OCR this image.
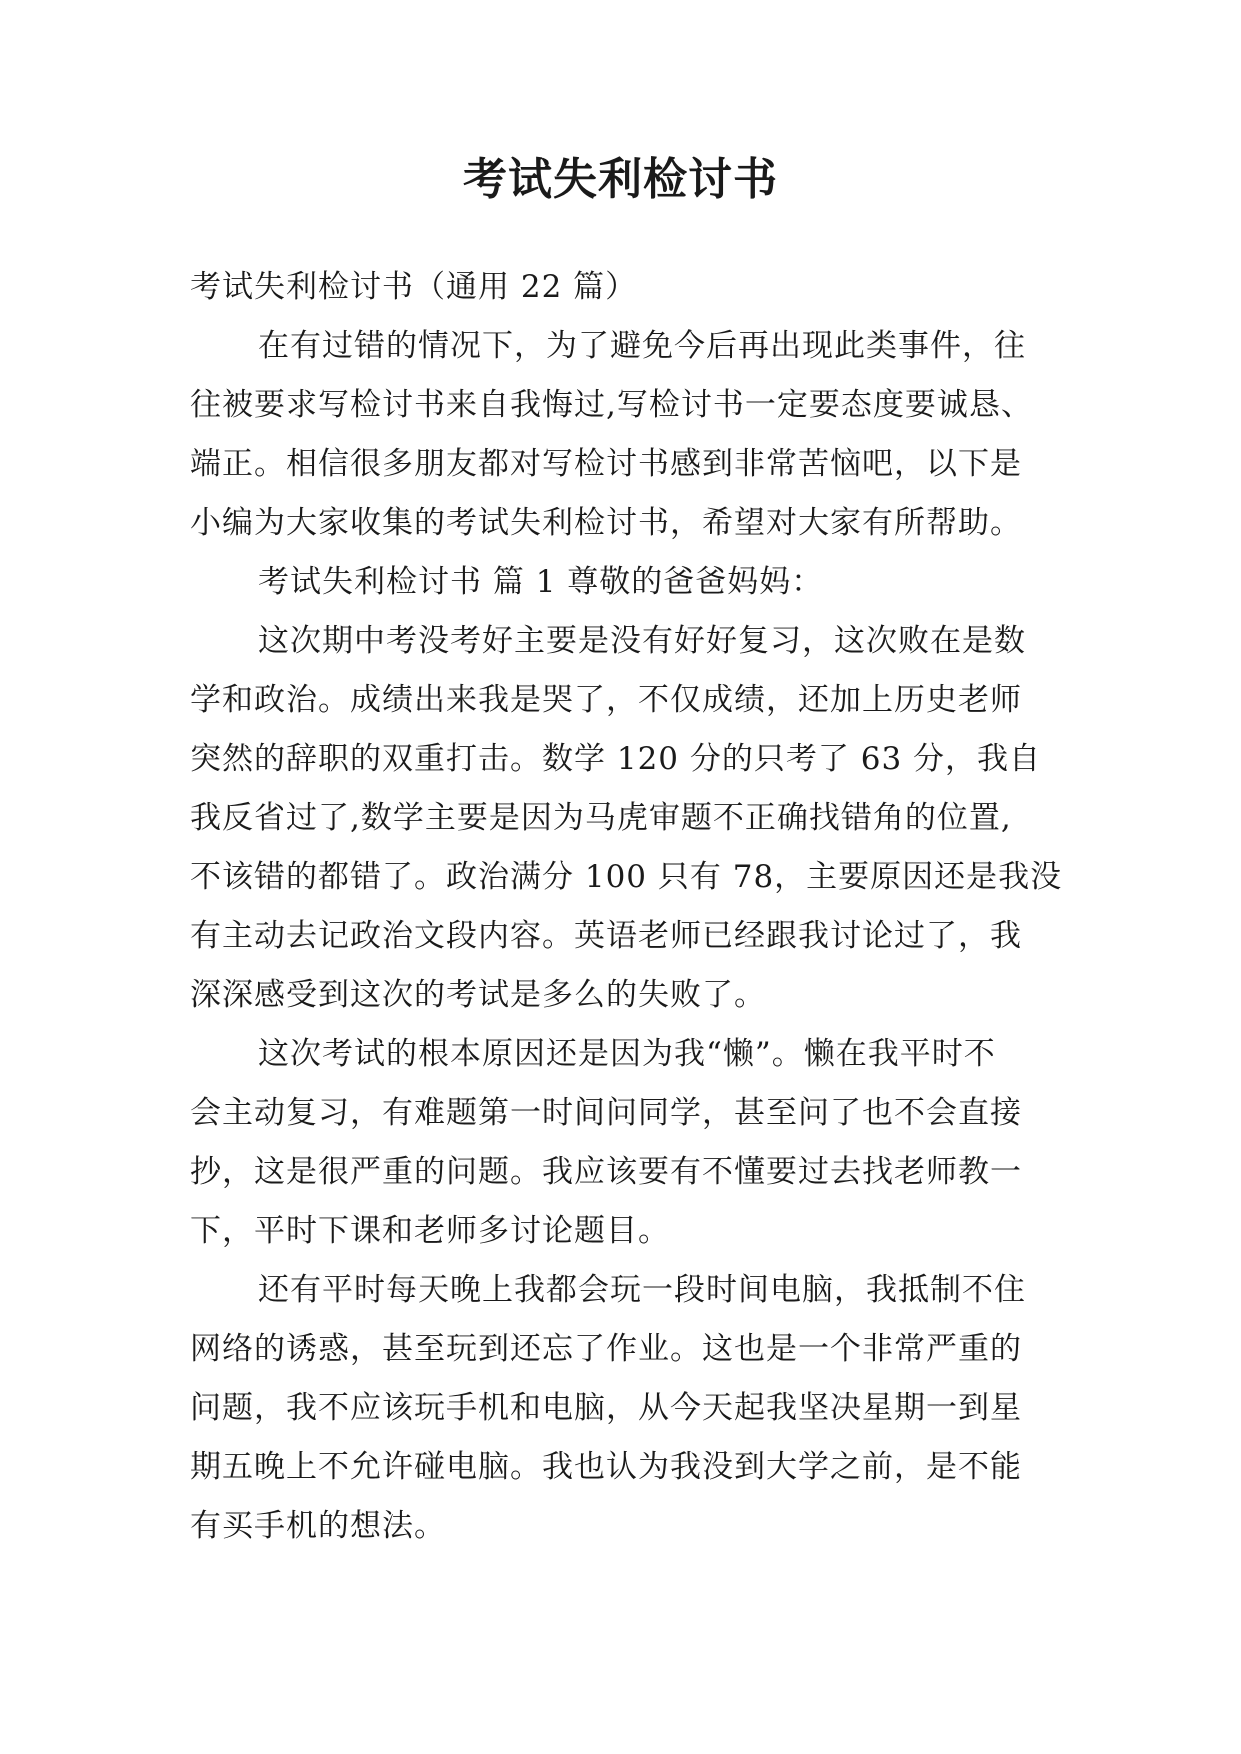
考试失利检讨书
考试失利检讨书（通用 22 篇）
在有过错的情况下，为了避免今后再出现此类事件，往
往被要求写检讨书来自我悔过,写检讨书一定要态度要诚恳、
端正。相信很多朋友都对写检讨书感到非常苦恼吧，以下是
小编为大家收集的考试失利检讨书，希望对大家有所帮助。
考试失利检讨书 篇 1 尊敬的爸爸妈妈：
这次期中考没考好主要是没有好好复习，这次败在是数
学和政治。成绩出来我是哭了，不仅成绩，还加上历史老师
突然的辞职的双重打击。数学 120 分的只考了 63 分，我自
我反省过了,数学主要是因为马虎审题不正确找错角的位置,
不该错的都错了。政治满分 100 只有 78，主要原因还是我没
有主动去记政治文段内容。英语老师已经跟我讨论过了，我
深深感受到这次的考试是多么的失败了。
这次考试的根本原因还是因为我“懒”。懒在我平时不
会主动复习，有难题第一时间问同学，甚至问了也不会直接
抄，这是很严重的问题。我应该要有不懂要过去找老师教一
下，平时下课和老师多讨论题目。
还有平时每天晚上我都会玩一段时间电脑，我抵制不住
网络的诱惑，甚至玩到还忘了作业。这也是一个非常严重的
问题，我不应该玩手机和电脑，从今天起我坚决星期一到星
期五晚上不允许碰电脑。我也认为我没到大学之前，是不能
有买手机的想法。
